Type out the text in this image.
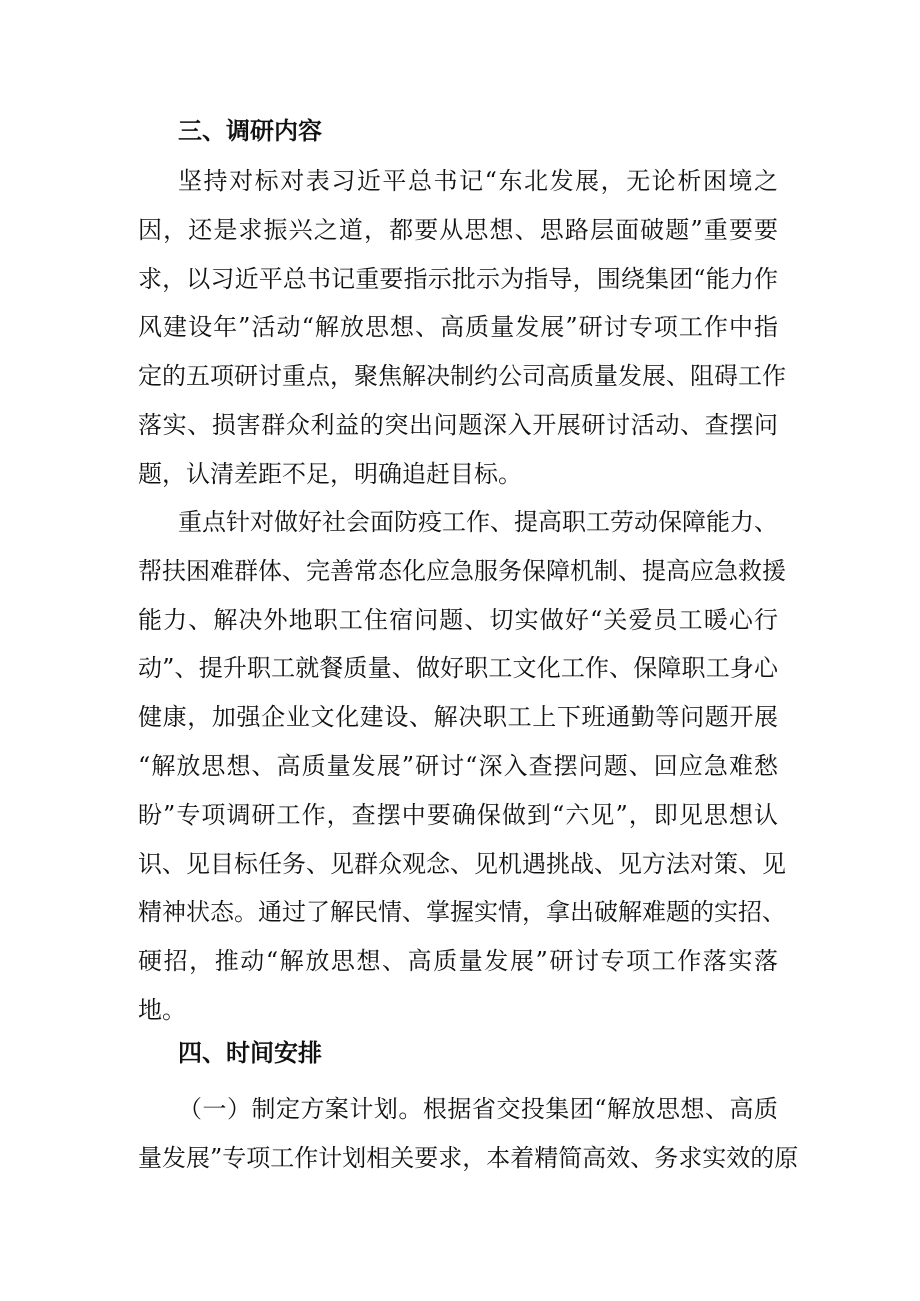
三、调研内容
坚持对标对表习近平总书记“东北发展，无论析困境之
因，还是求振兴之道，都要从思想、思路层面破题”重要要
求，以习近平总书记重要指示批示为指导，围绕集团“能力作
风建设年”活动“解放思想、高质量发展”研讨专项工作中指
定的五项研讨重点，聚焦解决制约公司高质量发展、阻碍工作
落实、损害群众利益的突出问题深入开展研讨活动、查摆问
题，认清差距不足，明确追赶目标。
重点针对做好社会面防疫工作、提高职工劳动保障能力、
帮扶困难群体、完善常态化应急服务保障机制、提高应急救援
能力、解决外地职工住宿问题、切实做好“关爱员工暖心行
动”、提升职工就餐质量、做好职工文化工作、保障职工身心
健康，加强企业文化建设、解决职工上下班通勤等问题开展
“解放思想、高质量发展”研讨“深入查摆问题、回应急难愁
盼”专项调研工作，查摆中要确保做到“六见”，即见思想认
识、见目标任务、见群众观念、见机遇挑战、见方法对策、见
精神状态。通过了解民情、掌握实情，拿出破解难题的实招、
硬招，推动“解放思想、高质量发展”研讨专项工作落实落
地。
四、时间安排
（一）制定方案计划。根据省交投集团“解放思想、高质
量发展”专项工作计划相关要求，本着精简高效、务求实效的原
